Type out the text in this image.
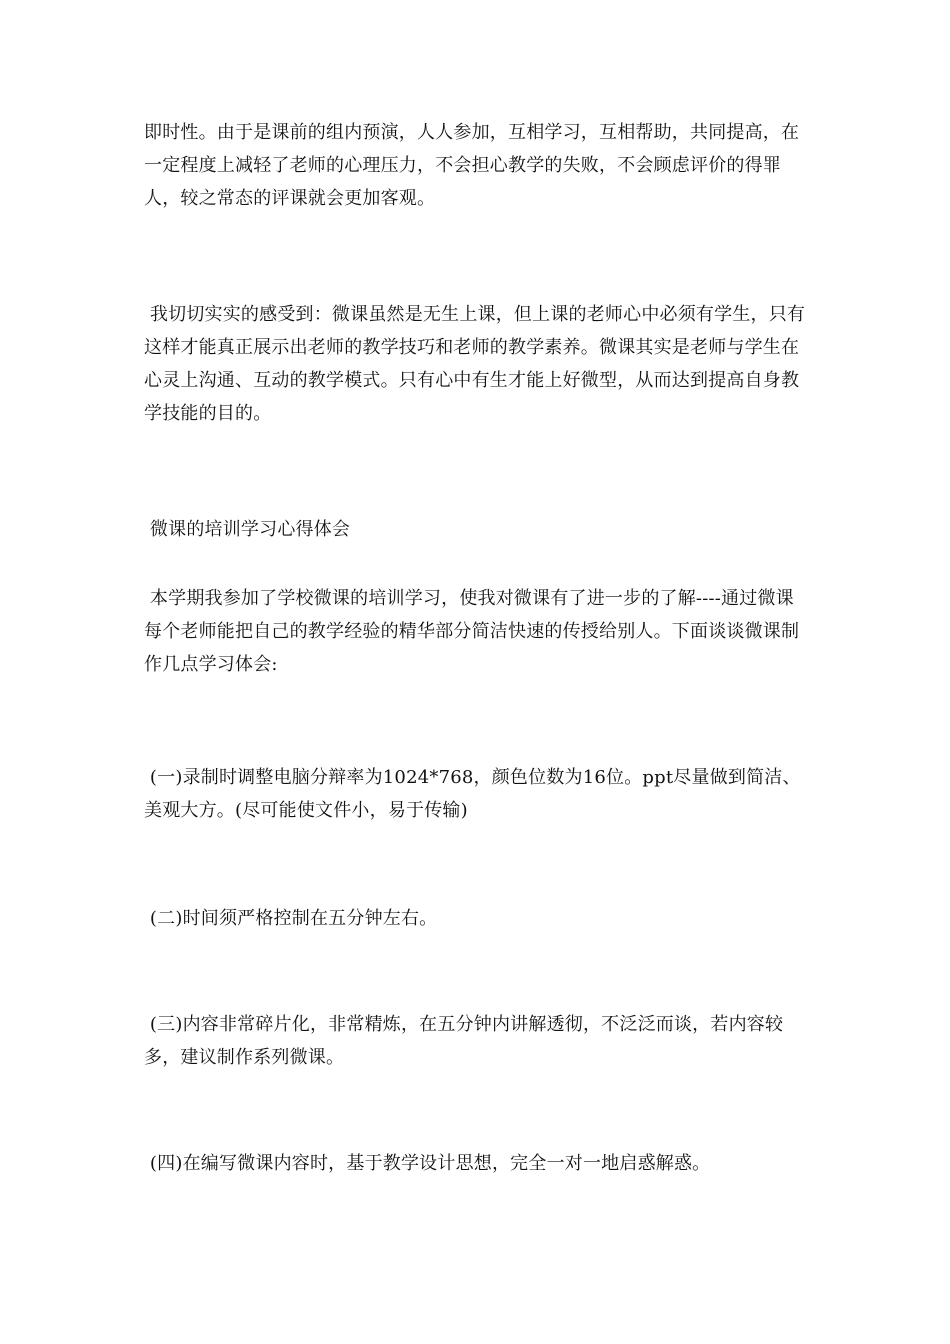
即时性。由于是课前的组内预演，人人参加，互相学习，互相帮助，共同提高，在一定程度上减轻了老师的心理压力，不会担心教学的失败，不会顾虑评价的得罪人，较之常态的评课就会更加客观。

我切切实实的感受到：微课虽然是无生上课，但上课的老师心中必须有学生，只有这样才能真正展示出老师的教学技巧和老师的教学素养。微课其实是老师与学生在心灵上沟通、互动的教学模式。只有心中有生才能上好微型，从而达到提高自身教学技能的目的。

微课的培训学习心得体会

本学期我参加了学校微课的培训学习，使我对微课有了进一步的了解----通过微课每个老师能把自己的教学经验的精华部分简洁快速的传授给别人。下面谈谈微课制作几点学习体会:

(一)录制时调整电脑分辩率为1024*768，颜色位数为16位。ppt尽量做到简洁、美观大方。(尽可能使文件小，易于传输)

(二)时间须严格控制在五分钟左右。

(三)内容非常碎片化，非常精炼，在五分钟内讲解透彻，不泛泛而谈，若内容较多，建议制作系列微课。

(四)在编写微课内容时，基于教学设计思想，完全一对一地启惑解惑。
